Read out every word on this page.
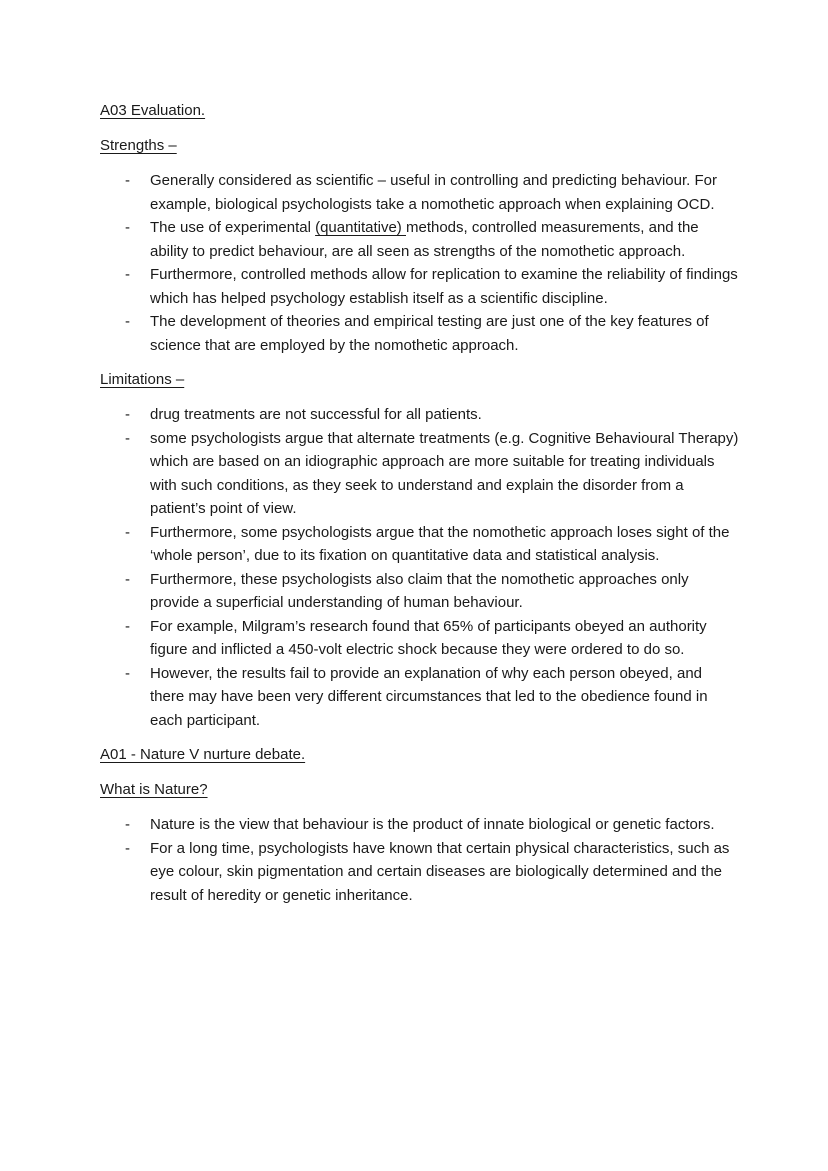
A03 Evaluation.

Strengths –

- Generally considered as scientific – useful in controlling and predicting behaviour. For example, biological psychologists take a nomothetic approach when explaining OCD.
- The use of experimental (quantitative) methods, controlled measurements, and the ability to predict behaviour, are all seen as strengths of the nomothetic approach.
- Furthermore, controlled methods allow for replication to examine the reliability of findings which has helped psychology establish itself as a scientific discipline.
- The development of theories and empirical testing are just one of the key features of science that are employed by the nomothetic approach.

Limitations –

- drug treatments are not successful for all patients.
- some psychologists argue that alternate treatments (e.g. Cognitive Behavioural Therapy) which are based on an idiographic approach are more suitable for treating individuals with such conditions, as they seek to understand and explain the disorder from a patient’s point of view.
- Furthermore, some psychologists argue that the nomothetic approach loses sight of the ‘whole person’, due to its fixation on quantitative data and statistical analysis.
- Furthermore, these psychologists also claim that the nomothetic approaches only provide a superficial understanding of human behaviour.
- For example, Milgram’s research found that 65% of participants obeyed an authority figure and inflicted a 450-volt electric shock because they were ordered to do so.
- However, the results fail to provide an explanation of why each person obeyed, and there may have been very different circumstances that led to the obedience found in each participant.

A01 - Nature V nurture debate.

What is Nature?

- Nature is the view that behaviour is the product of innate biological or genetic factors.
- For a long time, psychologists have known that certain physical characteristics, such as eye colour, skin pigmentation and certain diseases are biologically determined and the result of heredity or genetic inheritance.
